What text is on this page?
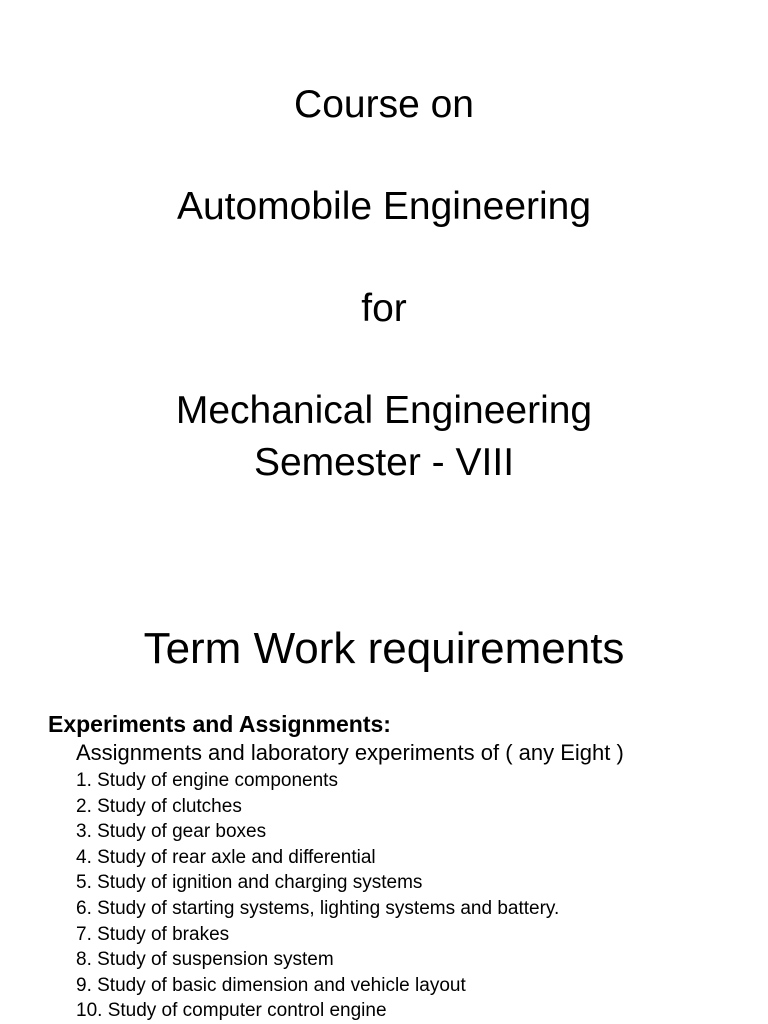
Course on
Automobile Engineering
for
Mechanical Engineering
Semester - VIII
Term Work requirements
Experiments and Assignments:
Assignments and laboratory experiments of ( any Eight )
1. Study of engine components
2. Study of clutches
3. Study of gear boxes
4. Study of rear axle and differential
5. Study of ignition and charging systems
6. Study of starting systems, lighting systems and battery.
7. Study of brakes
8. Study of suspension system
9. Study of basic dimension and vehicle layout
10. Study of computer control engine
